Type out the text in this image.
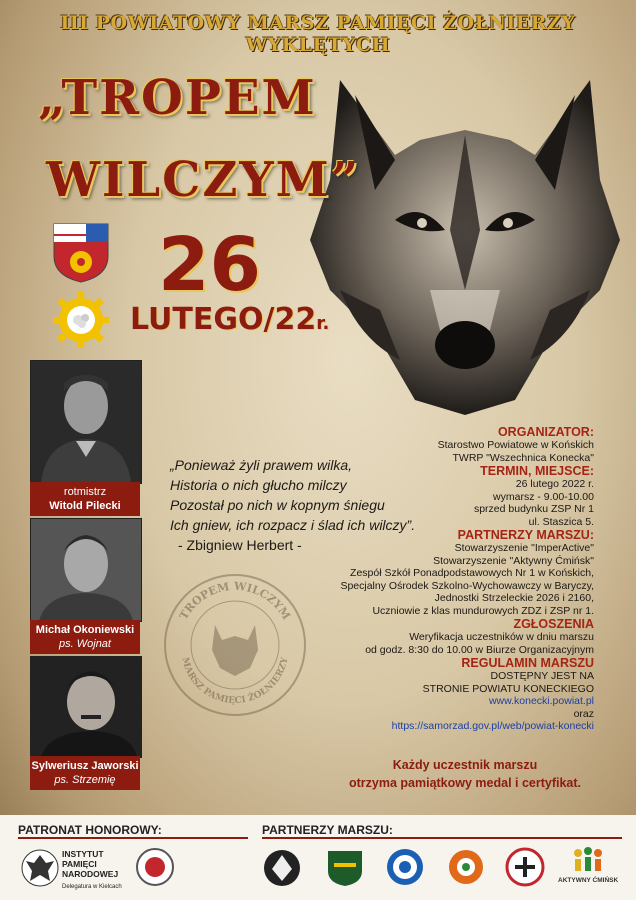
III POWIATOWY MARSZ PAMIĘCI ŻOŁNIERZY WYKLĘTYCH
„TROPEM
WILCZYM”
26
LUTEGO/22r.
rotmistrz
Witold Pilecki
Michał Okoniewski
ps. Wojnat
Sylweriusz Jaworski
ps. Strzemię
„Ponieważ żyli prawem wilka,
Historia o nich głucho milczy
Pozostał po nich w kopnym śniegu
Ich gniew, ich rozpacz i ślad ich wilczy”.
- Zbigniew Herbert -
TROPEM WILCZYM
MARSZ PAMIĘCI ŻOŁNIERZY
ORGANIZATOR:
Starostwo Powiatowe w Końskich
TWRP "Wszechnica Konecka"
TERMIN, MIEJSCE:
26 lutego 2022 r.
wymarsz - 9.00-10.00
sprzed budynku ZSP Nr 1
ul. Staszica 5.
PARTNERZY MARSZU:
Stowarzyszenie "ImperActive"
Stowarzyszenie "Aktywny Ćmińsk"
Zespół Szkół Ponadpodstawowych Nr 1 w Końskich,
Specjalny Ośrodek Szkolno-Wychowawczy w Baryczy,
Jednostki Strzeleckie 2026 i 2160,
Uczniowie z klas mundurowych ZDZ i ZSP nr 1.
ZGŁOSZENIA
Weryfikacja uczestników w dniu marszu
od godz. 8:30 do 10.00 w Biurze Organizacyjnym
REGULAMIN MARSZU
DOSTĘPNY JEST NA
STRONIE POWIATU KONECKIEGO
www.konecki.powiat.pl
oraz
https://samorzad.gov.pl/web/powiat-konecki
Każdy uczestnik marszu
otrzyma pamiątkowy medal i certyfikat.
PATRONAT HONOROWY:	PARTNERZY MARSZU:
INSTYTUT
PAMIĘCI
NARODOWEJ
Delegatura w Kielcach
AKTYWNY ĆMIŃSK
